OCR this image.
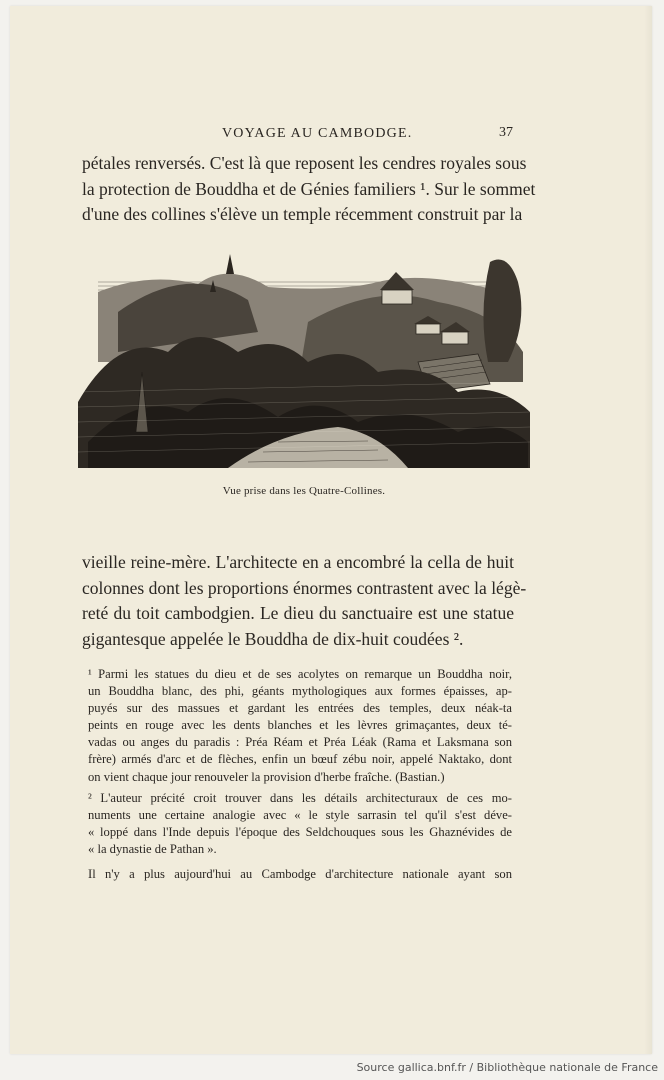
VOYAGE AU CAMBODGE.	37
pétales renversés. C'est là que reposent les cendres royales sous
la protection de Bouddha et de Génies familiers ¹. Sur le sommet
d'une des collines s'élève un temple récemment construit par la
Vue prise dans les Quatre-Collines.
vieille reine-mère. L'architecte en a encombré la cella de huit
colonnes dont les proportions énormes contrastent avec la légè-
reté du toit cambodgien. Le dieu du sanctuaire est une statue
gigantesque appelée le Bouddha de dix-huit coudées ².
¹ Parmi les statues du dieu et de ses acolytes on remarque un Bouddha noir,
un Bouddha blanc, des phi, géants mythologiques aux formes épaisses, ap-
puyés sur des massues et gardant les entrées des temples, deux néak-ta
peints en rouge avec les dents blanches et les lèvres grimaçantes, deux té-
vadas ou anges du paradis : Préa Réam et Préa Léak (Rama et Laksmana son
frère) armés d'arc et de flèches, enfin un bœuf zébu noir, appelé Naktako, dont
on vient chaque jour renouveler la provision d'herbe fraîche. (Bastian.)
² L'auteur précité croit trouver dans les détails architecturaux de ces mo-
numents une certaine analogie avec « le style sarrasin tel qu'il s'est déve-
« loppé dans l'Inde depuis l'époque des Seldchouques sous les Ghaznévides de
« la dynastie de Pathan ».
Il n'y a plus aujourd'hui au Cambodge d'architecture nationale ayant son
Source gallica.bnf.fr / Bibliothèque nationale de France
